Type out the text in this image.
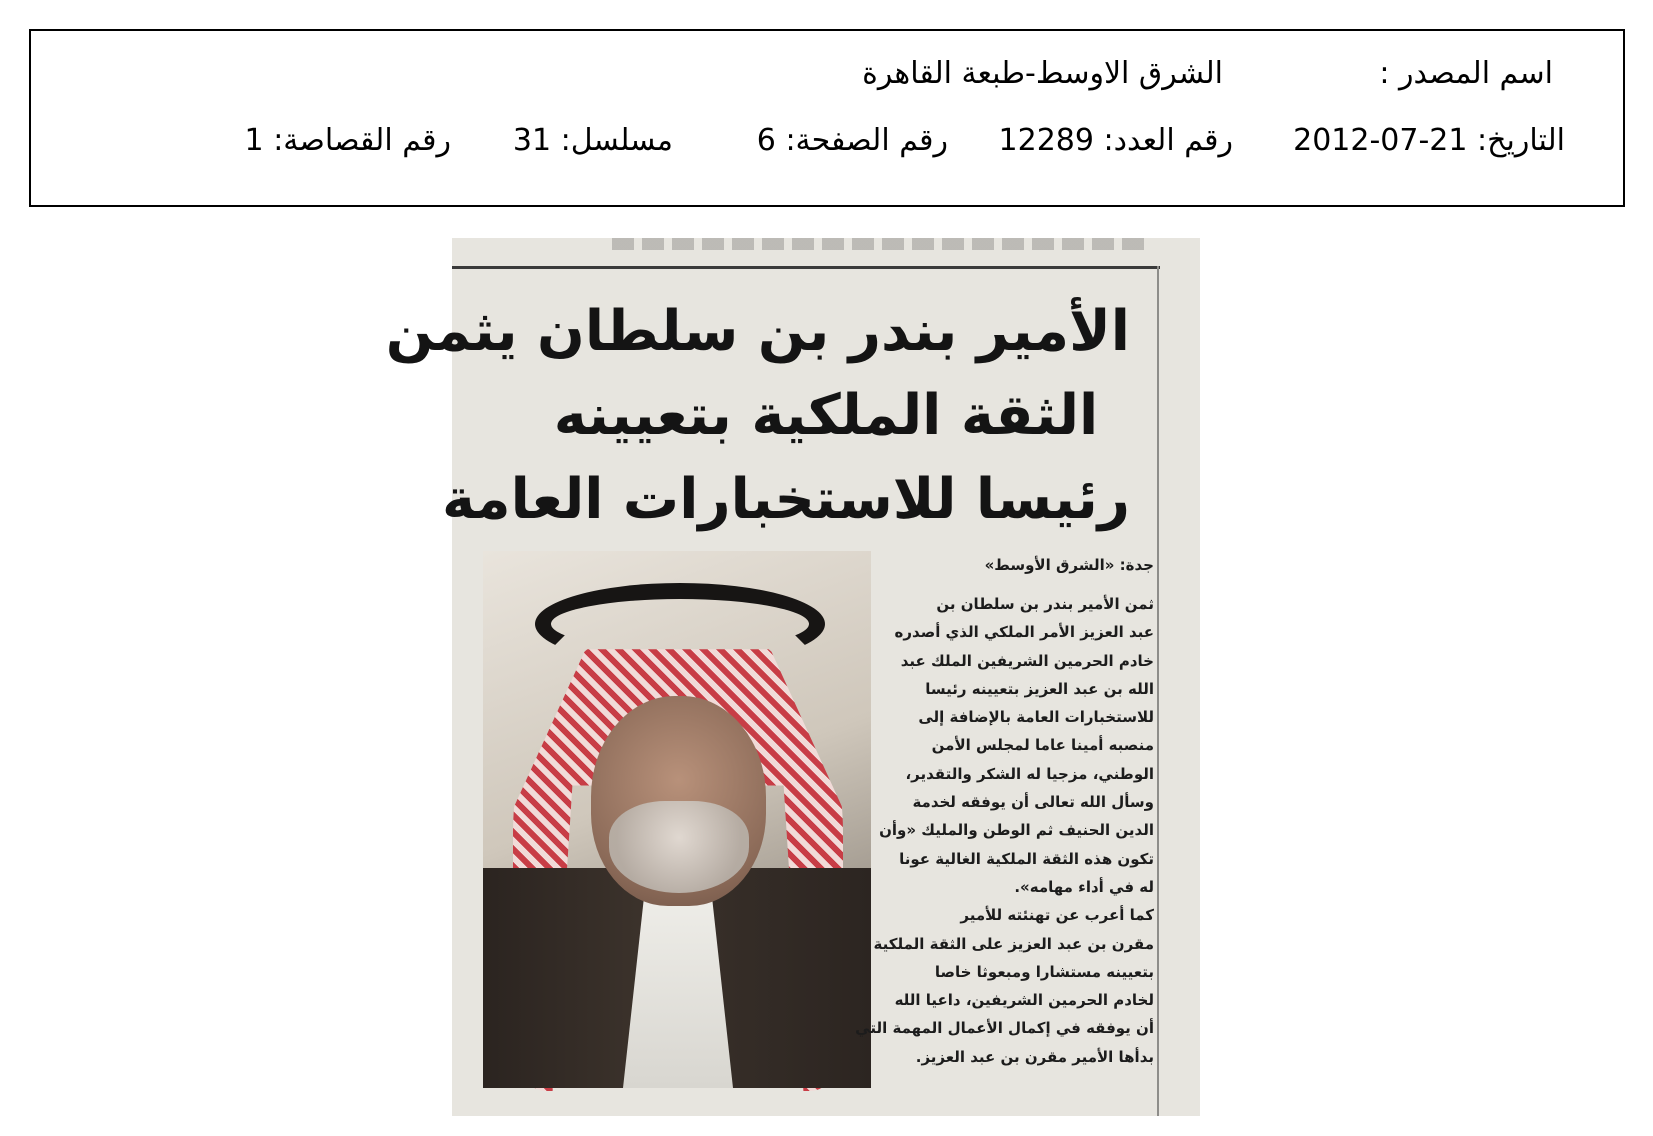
اسم المصدر :
الشرق الاوسط-طبعة القاهرة
التاريخ: 2012-07-21
رقم العدد: 12289
رقم الصفحة: 6
مسلسل: 31
رقم القصاصة: 1
الأمير بندر بن سلطان يثمن
الثقة الملكية بتعيينه
رئيسا للاستخبارات العامة
جدة: «الشرق الأوسط»
ثمن الأمير بندر بن سلطان بن
عبد العزيز الأمر الملكي الذي أصدره
خادم الحرمين الشريفين الملك عبد
الله بن عبد العزيز بتعيينه رئيسا
للاستخبارات العامة بالإضافة إلى
منصبه أمينا عاما لمجلس الأمن
الوطني، مزجيا له الشكر والتقدير،
وسأل الله تعالى أن يوفقه لخدمة
الدين الحنيف ثم الوطن والمليك «وأن
تكون هذه الثقة الملكية الغالية عونا
له في أداء مهامه».
كما أعرب عن تهنئته للأمير
مقرن بن عبد العزيز على الثقة الملكية
بتعيينه مستشارا ومبعوثا خاصا
لخادم الحرمين الشريفين، داعيا الله
أن يوفقه في إكمال الأعمال المهمة التي
بدأها الأمير مقرن بن عبد العزيز.
